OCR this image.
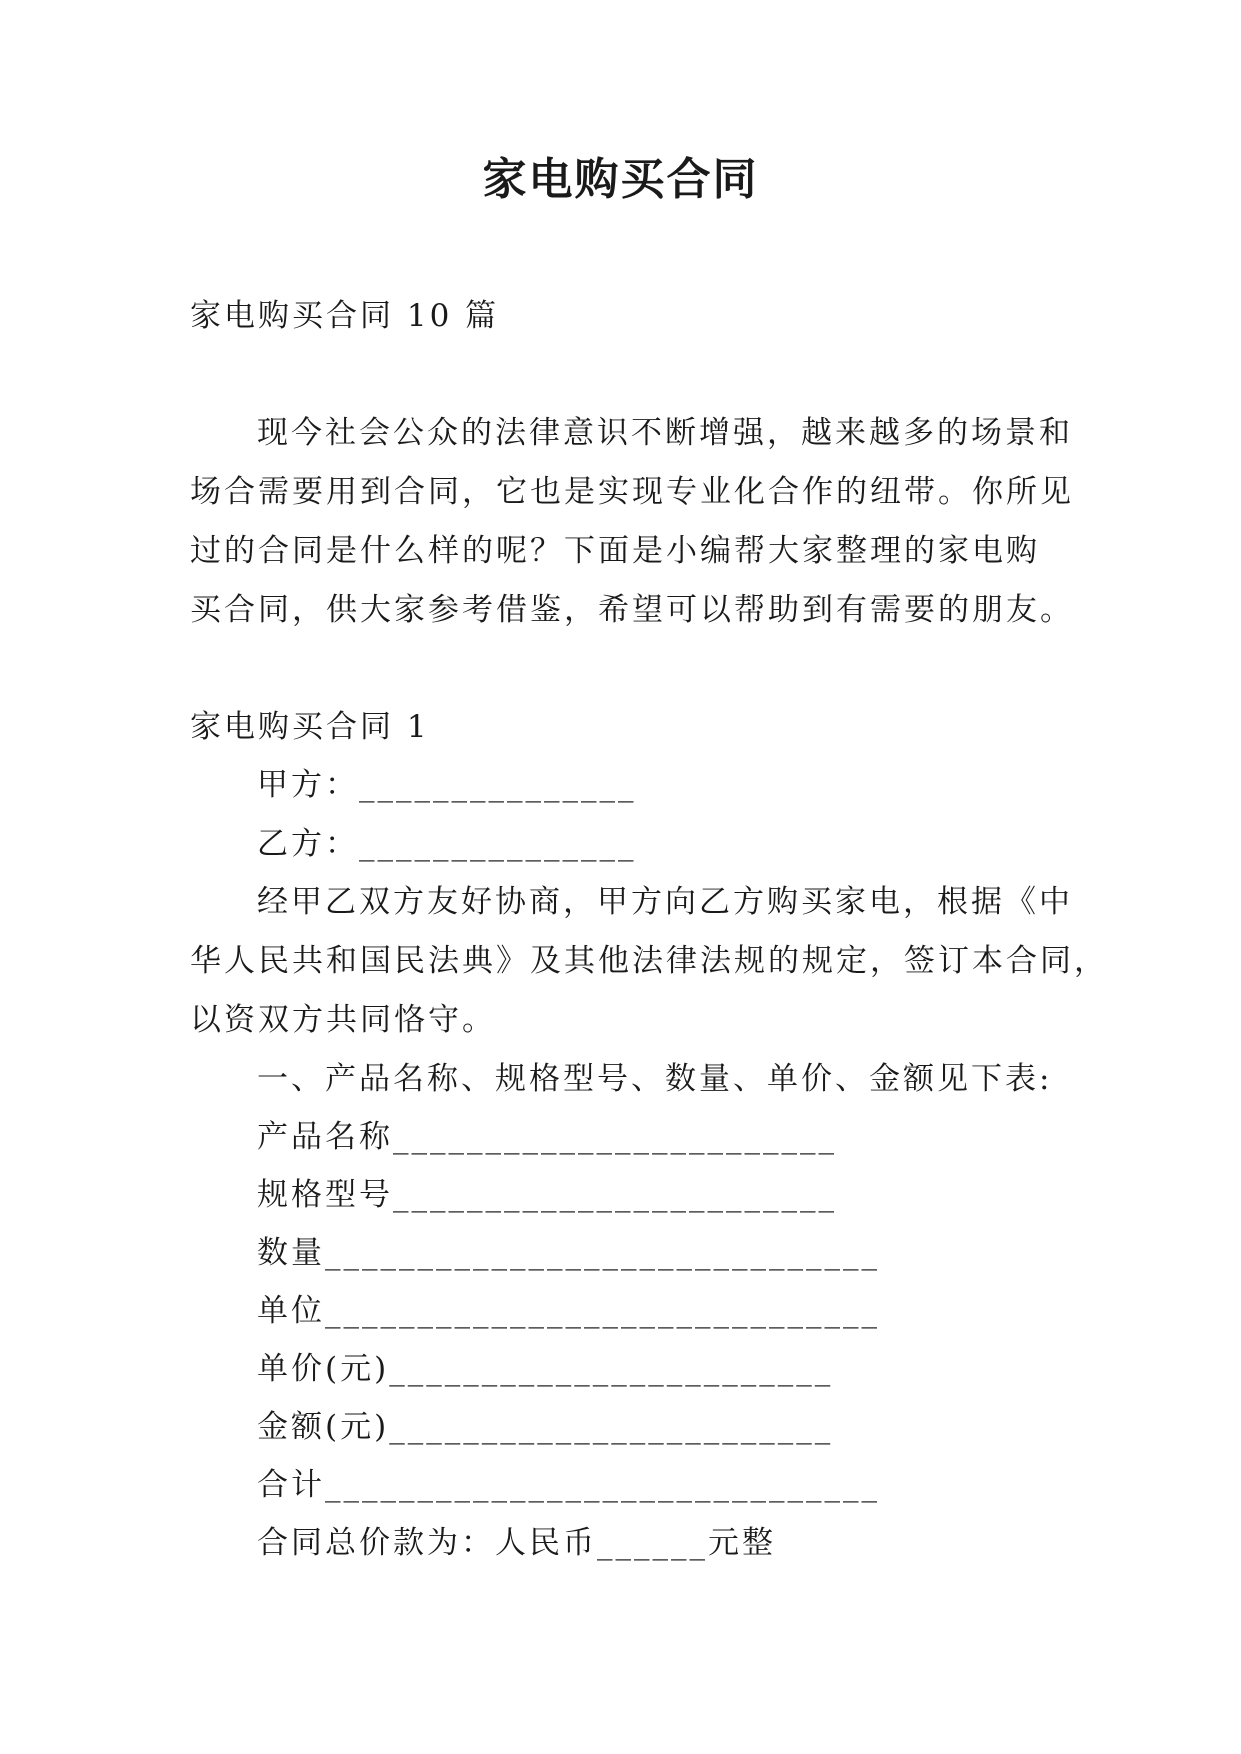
家电购买合同
家电购买合同 10 篇
现今社会公众的法律意识不断增强，越来越多的场景和
场合需要用到合同，它也是实现专业化合作的纽带。你所见
过的合同是什么样的呢？下面是小编帮大家整理的家电购
买合同，供大家参考借鉴，希望可以帮助到有需要的朋友。
家电购买合同 1
甲方：_______________
乙方：_______________
经甲乙双方友好协商，甲方向乙方购买家电，根据《中
华人民共和国民法典》及其他法律法规的规定，签订本合同，
以资双方共同恪守。
一、产品名称、规格型号、数量、单价、金额见下表:
产品名称________________________
规格型号________________________
数量______________________________
单位______________________________
单价(元)________________________
金额(元)________________________
合计______________________________
合同总价款为：人民币______元整
